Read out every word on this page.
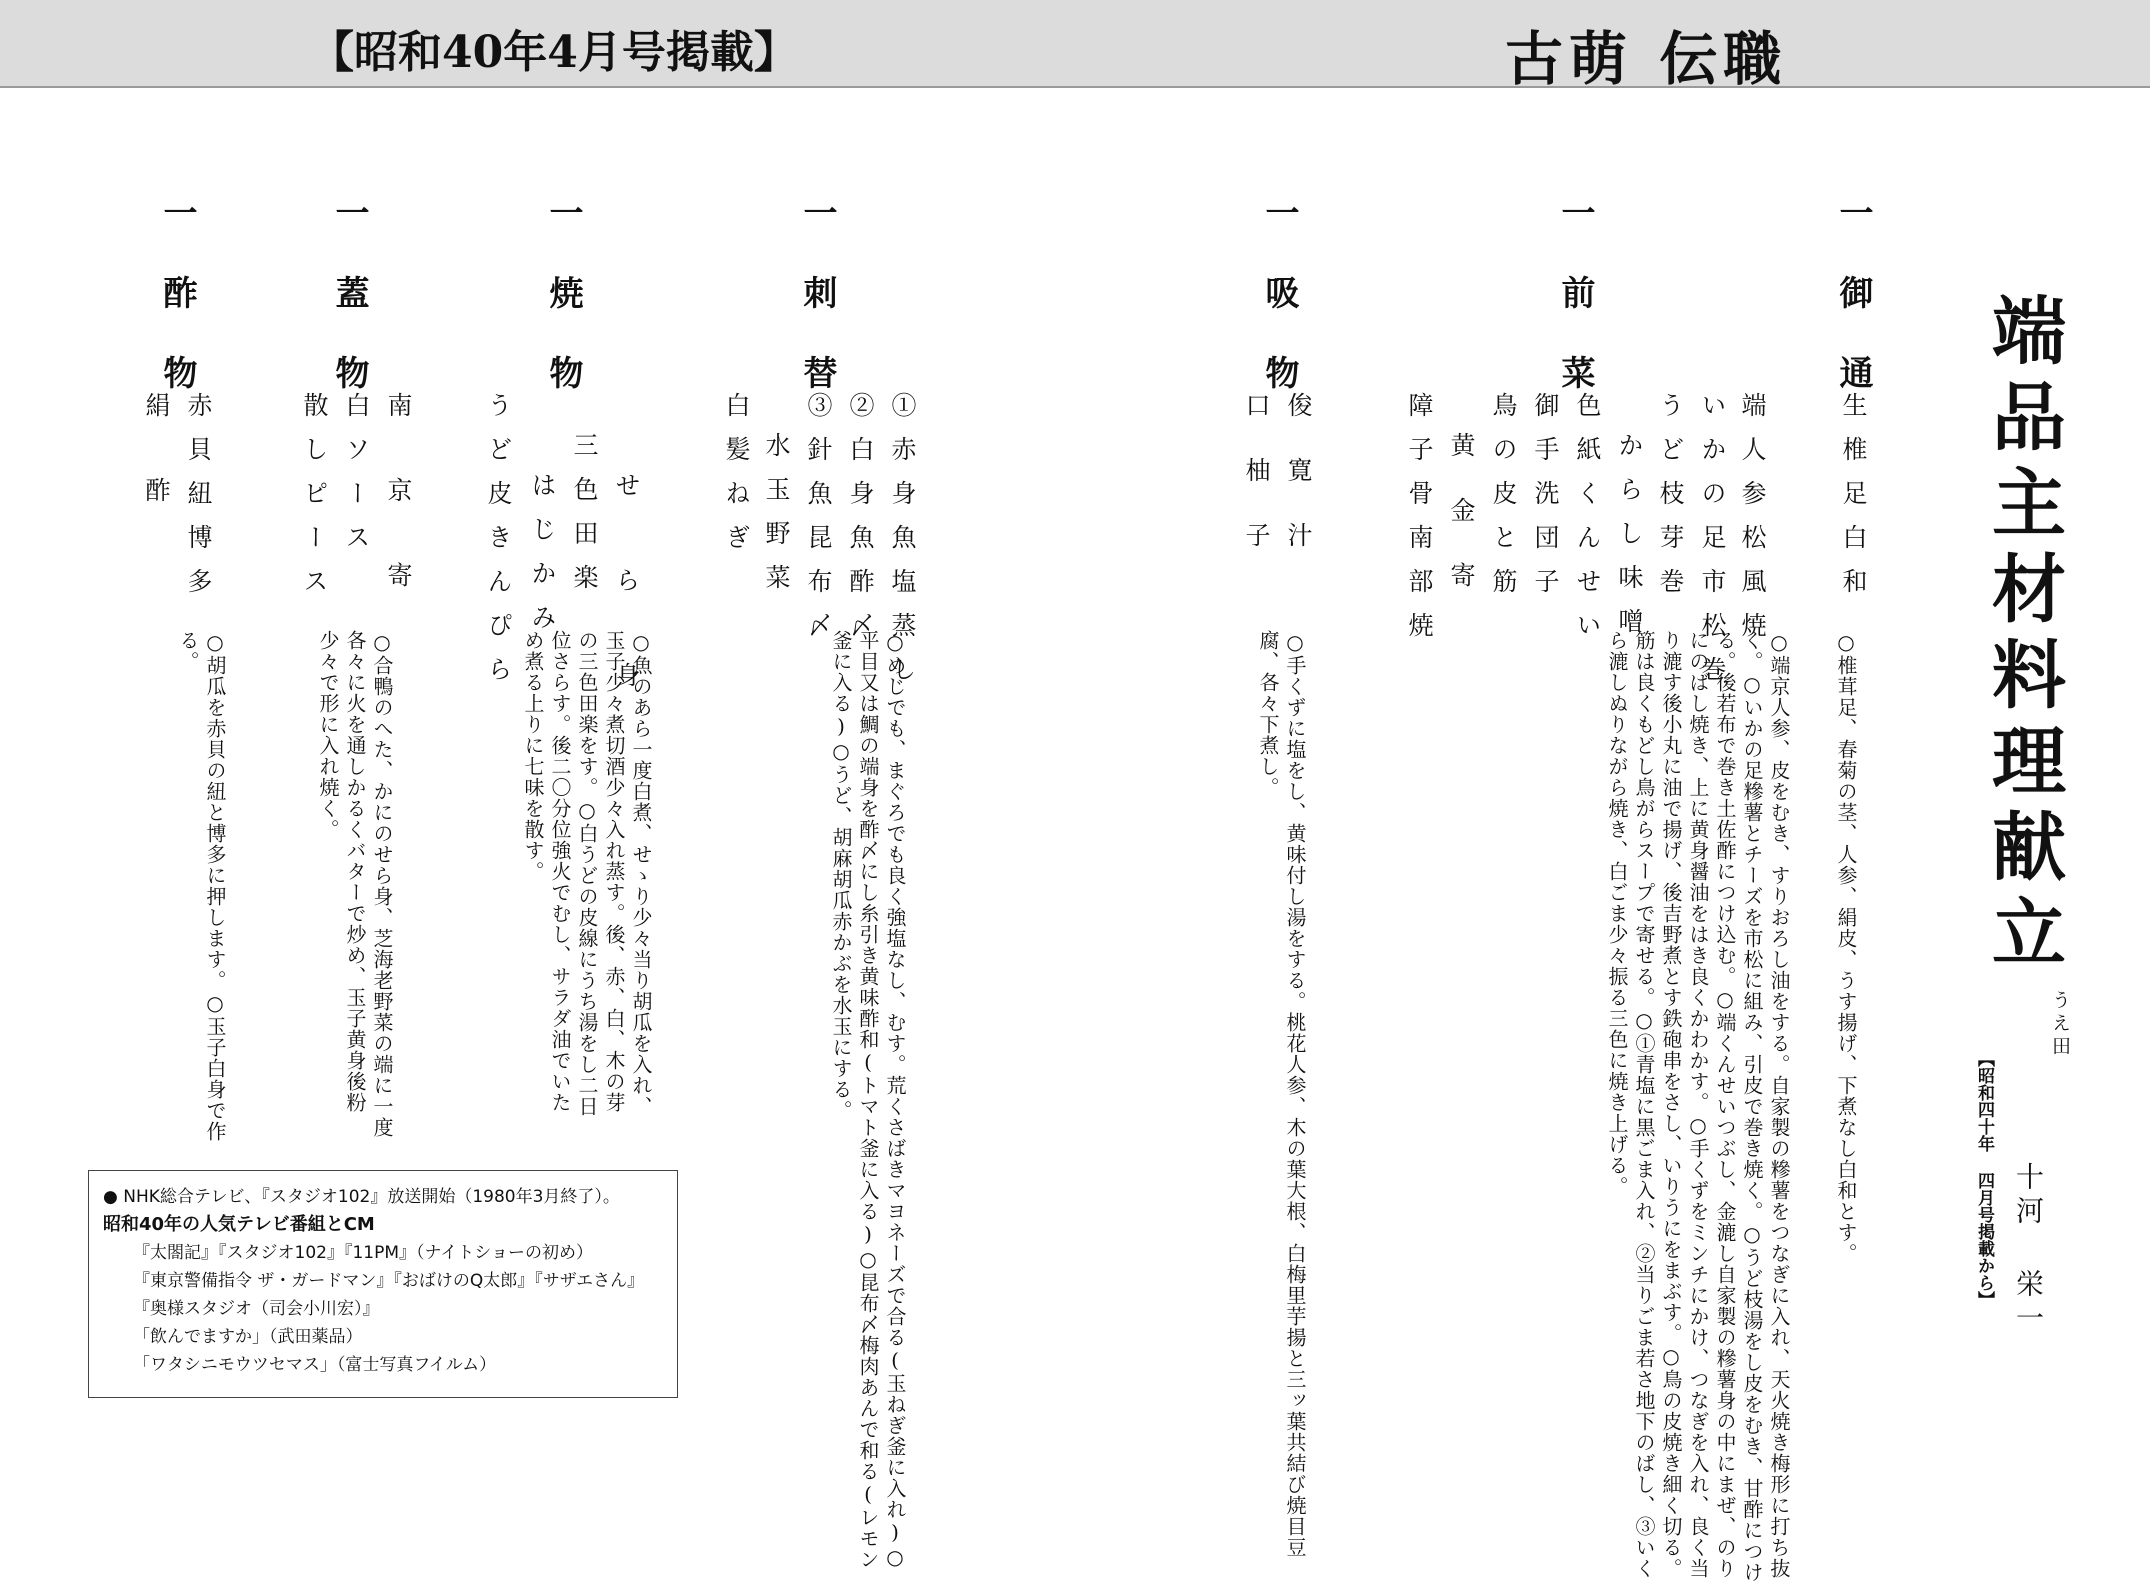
【昭和40年4月号掲載】	古萌 伝職
端品主材料理献立
うえ田
十河 栄一
【昭和四十年 四月号掲載から】
一御通
生椎足白和
○椎茸足、春菊の茎、人参、絹皮、うす揚げ、下煮なし白和とす。
一前菜
端人参松風焼
いかの足市松巻
うど枝芽巻
からし味噌
色紙くんせい
御手洗団子
鳥の皮と筋
黄金寄
障子骨南部焼
○端京人参、皮をむき、すりおろし油をする。自家製の糝薯をつなぎに入れ、天火焼き梅形に打ち抜く。○いかの足糝薯とチーズを市松に組み、引皮で巻き焼く。○うど枝湯をし皮をむき、甘酢につける。後若布で巻き土佐酢につけ込む。○端くんせいつぶし、金漉し自家製の糝薯身の中にまぜ、のりにのばし焼き、上に黄身醤油をはき良くかわかす。○手くずをミンチにかけ、つなぎを入れ、良く当り漉す後小丸に油で揚げ、後吉野煮とす鉄砲串をさし、いりうにをまぶす。○鳥の皮焼き細く切る。筋は良くもどし鳥がらスープで寄せる。○①青塩に黒ごま入れ、②当りごま若さ地下のばし、③いくら漉しぬりながら焼き、白ごま少々振る三色に焼き上げる。
一吸物
俊寛汁
口柚子
○手くずに塩をし、黄味付し湯をする。桃花人参、木の葉大根、白梅里芋揚と三ッ葉共結び焼目豆腐、各々下煮し。
一刺替
①赤身魚塩蒸し
②白身魚酢〆
③針魚昆布〆
水玉野菜
白髪ねぎ
○めじでも、まぐろでも良く強塩なし、むす。荒くさばきマヨネーズで合る(玉ねぎ釜に入れ)○平目又は鯛の端身を酢〆にし糸引き黄味酢和(トマト釜に入る)○昆布〆梅肉あんで和る(レモン釜に入る)○うど、胡麻胡瓜赤かぶを水玉にする。
一焼物
せら身
三色田楽
はじかみ
うど皮きんぴら
○魚のあら一度白煮、せゝり少々当り胡瓜を入れ、玉子少々煮切酒少々入れ蒸す。後、赤、白、木の芽の三色田楽をす。○白うどの皮線にうち湯をし二日位さらす。後二〇分位強火でむし、サラダ油でいため煮る上りに七味を散す。
一蓋物
南京寄
白ソース
散しピース
○合鴨のへた、かにのせら身、芝海老野菜の端に一度各々に火を通しかるくバターで炒め、玉子黄身後粉少々で形に入れ焼く。
一酢物
赤貝紐博多
絹酢
○胡瓜を赤貝の紐と博多に押します。○玉子白身で作る。
● NHK総合テレビ、『スタジオ102』放送開始（1980年3月終了）。
昭和40年の人気テレビ番組とCM
『太閤記』『スタジオ102』『11PM』（ナイトショーの初め）
『東京警備指令 ザ・ガードマン』『おばけのQ太郎』『サザエさん』
『奥様スタジオ（司会小川宏）』
「飲んでますか」（武田薬品）
「ワタシニモウツセマス」（富士写真フイルム）
